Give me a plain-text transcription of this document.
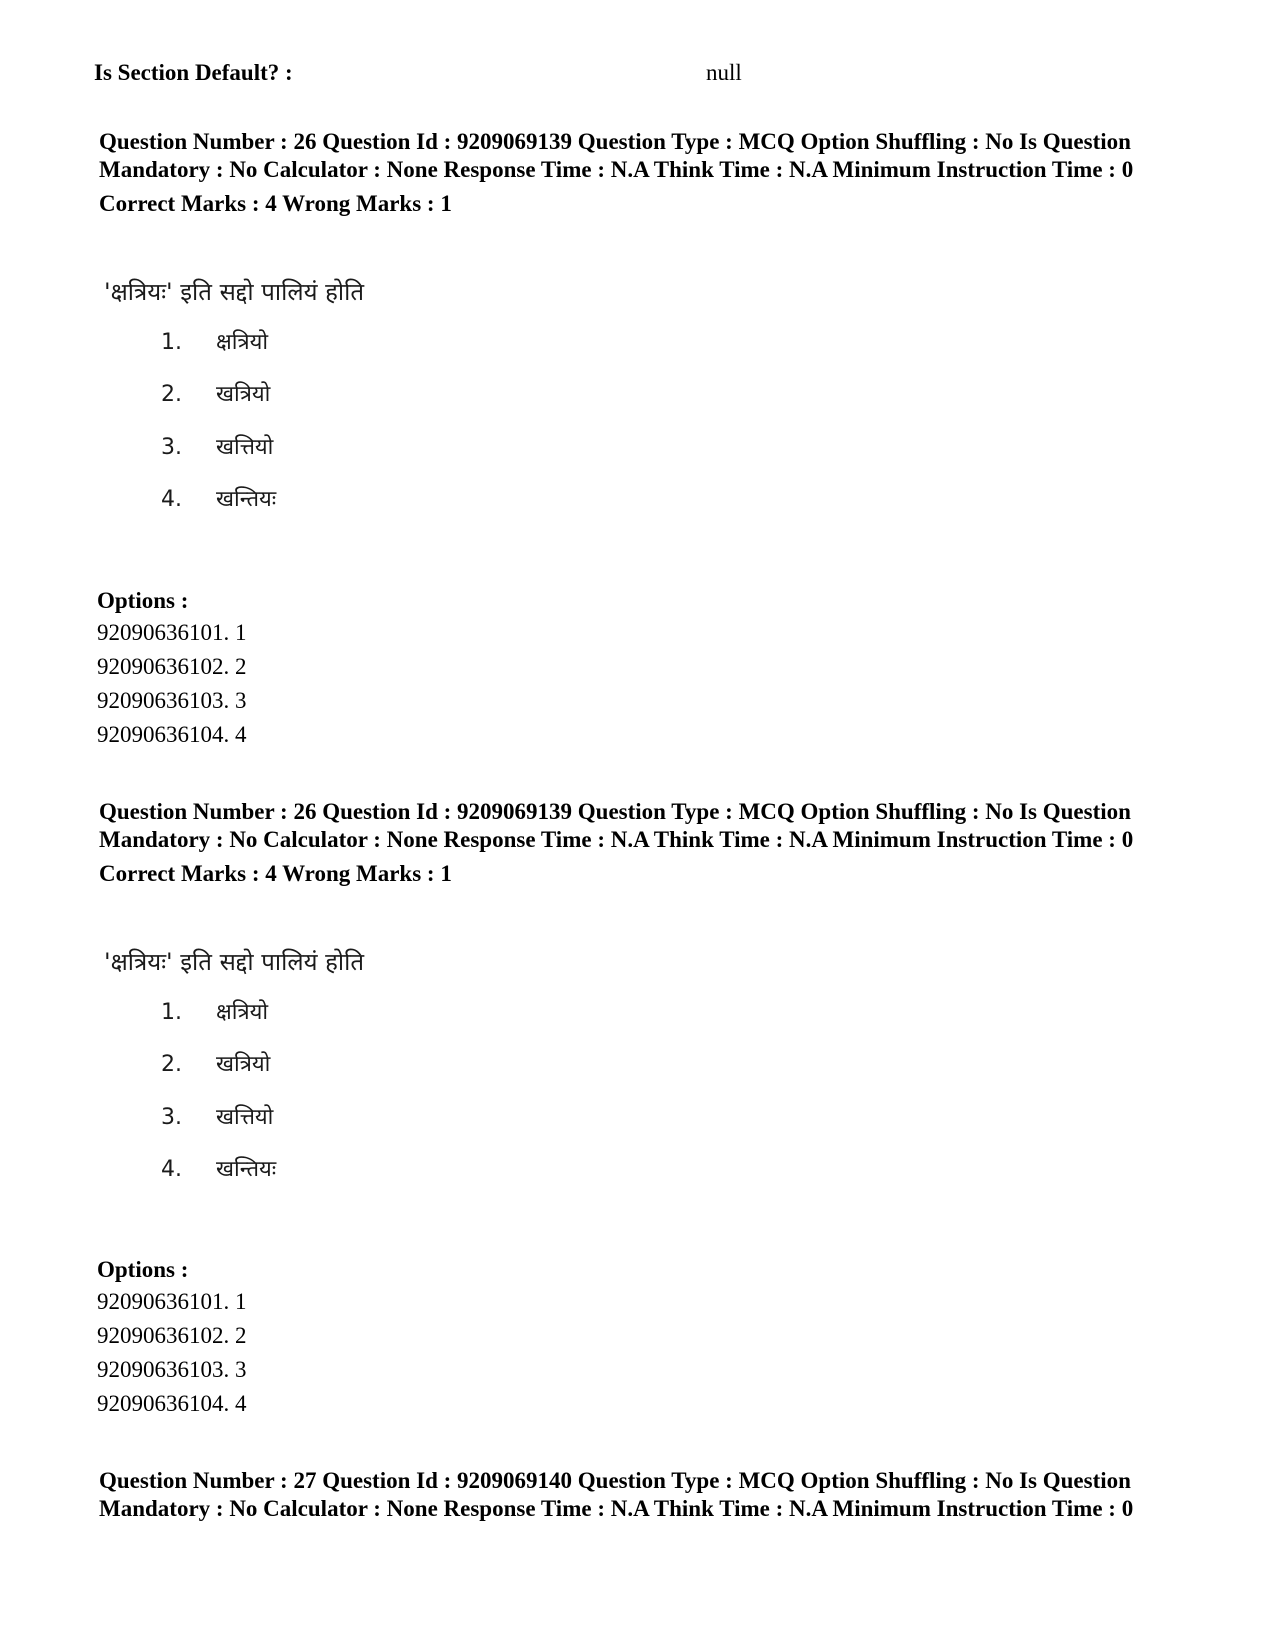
Is Section Default? :	null

Question Number : 26 Question Id : 9209069139 Question Type : MCQ Option Shuffling : No Is Question Mandatory : No Calculator : None Response Time : N.A Think Time : N.A Minimum Instruction Time : 0

Correct Marks : 4 Wrong Marks : 1

'क्षत्रियः' इति सद्दो पालियं होति

1. क्षत्रियो
2. खत्रियो
3. खत्तियो
4. खन्तियः
Options :
92090636101. 1
92090636102. 2
92090636103. 3
92090636104. 4

Question Number : 26 Question Id : 9209069139 Question Type : MCQ Option Shuffling : No Is Question Mandatory : No Calculator : None Response Time : N.A Think Time : N.A Minimum Instruction Time : 0

Correct Marks : 4 Wrong Marks : 1

'क्षत्रियः' इति सद्दो पालियं होति

1. क्षत्रियो
2. खत्रियो
3. खत्तियो
4. खन्तियः
Options :
92090636101. 1
92090636102. 2
92090636103. 3
92090636104. 4

Question Number : 27 Question Id : 9209069140 Question Type : MCQ Option Shuffling : No Is Question Mandatory : No Calculator : None Response Time : N.A Think Time : N.A Minimum Instruction Time : 0
